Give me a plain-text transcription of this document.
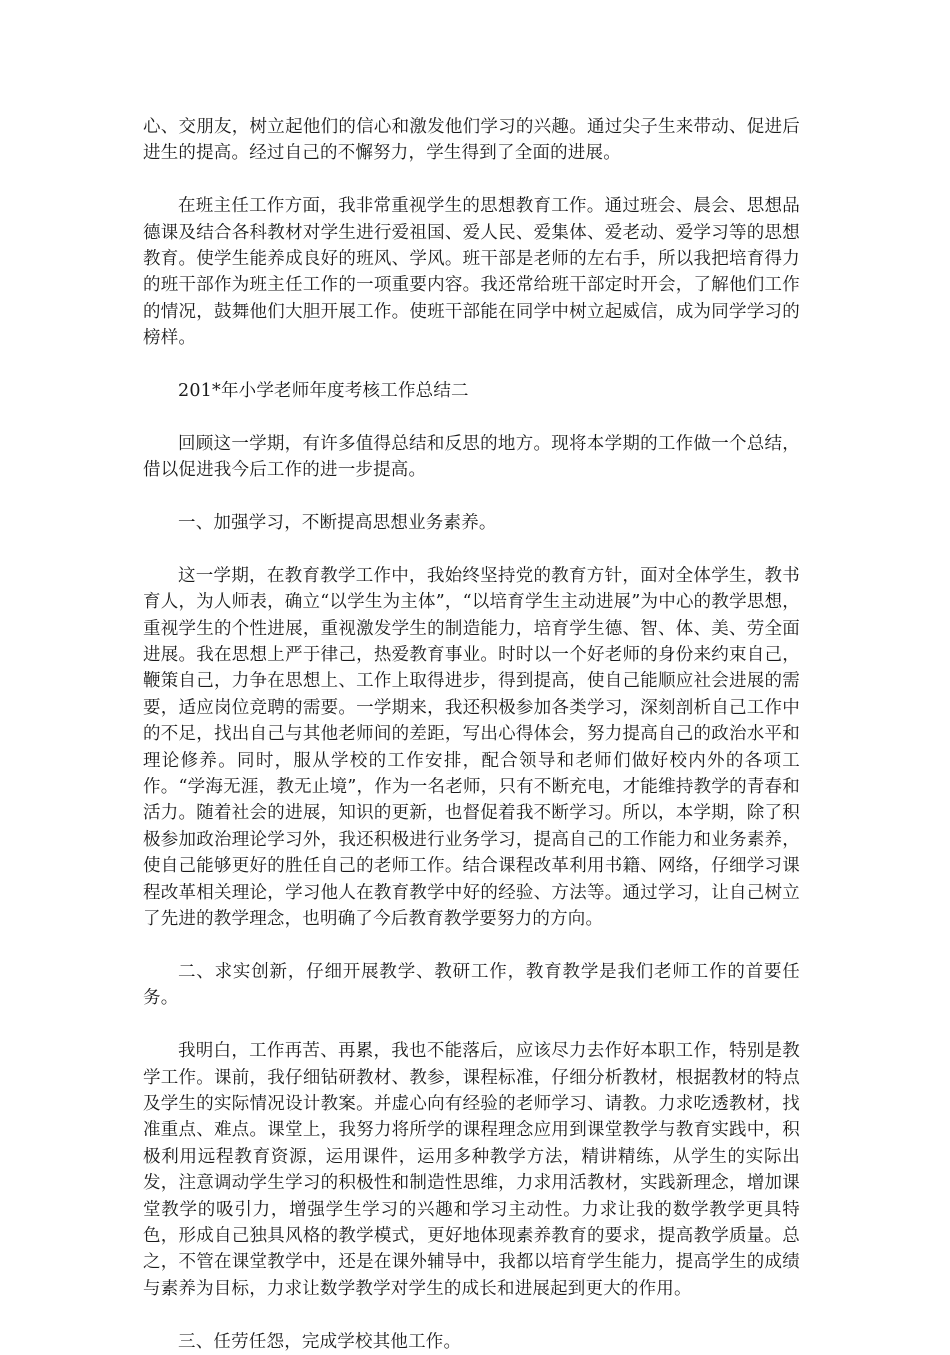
心、交朋友，树立起他们的信心和激发他们学习的兴趣。通过尖子生来带动、促进后进生的提高。经过自己的不懈努力，学生得到了全面的进展。

在班主任工作方面，我非常重视学生的思想教育工作。通过班会、晨会、思想品德课及结合各科教材对学生进行爱祖国、爱人民、爱集体、爱老动、爱学习等的思想教育。使学生能养成良好的班风、学风。班干部是老师的左右手，所以我把培育得力的班干部作为班主任工作的一项重要内容。我还常给班干部定时开会，了解他们工作的情况，鼓舞他们大胆开展工作。使班干部能在同学中树立起威信，成为同学学习的榜样。

201*年小学老师年度考核工作总结二

回顾这一学期，有许多值得总结和反思的地方。现将本学期的工作做一个总结，借以促进我今后工作的进一步提高。

一、加强学习，不断提高思想业务素养。

这一学期，在教育教学工作中，我始终坚持党的教育方针，面对全体学生，教书育人，为人师表，确立“以学生为主体”，“以培育学生主动进展”为中心的教学思想，重视学生的个性进展，重视激发学生的制造能力，培育学生德、智、体、美、劳全面进展。我在思想上严于律己，热爱教育事业。时时以一个好老师的身份来约束自己，鞭策自己，力争在思想上、工作上取得进步，得到提高，使自己能顺应社会进展的需要，适应岗位竞聘的需要。一学期来，我还积极参加各类学习，深刻剖析自己工作中的不足，找出自己与其他老师间的差距，写出心得体会，努力提高自己的政治水平和理论修养。同时，服从学校的工作安排，配合领导和老师们做好校内外的各项工作。“学海无涯，教无止境”，作为一名老师，只有不断充电，才能维持教学的青春和活力。随着社会的进展，知识的更新，也督促着我不断学习。所以，本学期，除了积极参加政治理论学习外，我还积极进行业务学习，提高自己的工作能力和业务素养，使自己能够更好的胜任自己的老师工作。结合课程改革利用书籍、网络，仔细学习课程改革相关理论，学习他人在教育教学中好的经验、方法等。通过学习，让自己树立了先进的教学理念，也明确了今后教育教学要努力的方向。

二、求实创新，仔细开展教学、教研工作，教育教学是我们老师工作的首要任务。

我明白，工作再苦、再累，我也不能落后，应该尽力去作好本职工作，特别是教学工作。课前，我仔细钻研教材、教参，课程标准，仔细分析教材，根据教材的特点及学生的实际情况设计教案。并虚心向有经验的老师学习、请教。力求吃透教材，找准重点、难点。课堂上，我努力将所学的课程理念应用到课堂教学与教育实践中，积极利用远程教育资源，运用课件，运用多种教学方法，精讲精练，从学生的实际出发，注意调动学生学习的积极性和制造性思维，力求用活教材，实践新理念，增加课堂教学的吸引力，增强学生学习的兴趣和学习主动性。力求让我的数学教学更具特色，形成自己独具风格的教学模式，更好地体现素养教育的要求，提高教学质量。总之，不管在课堂教学中，还是在课外辅导中，我都以培育学生能力，提高学生的成绩与素养为目标，力求让数学教学对学生的成长和进展起到更大的作用。

三、任劳任怨，完成学校其他工作。
